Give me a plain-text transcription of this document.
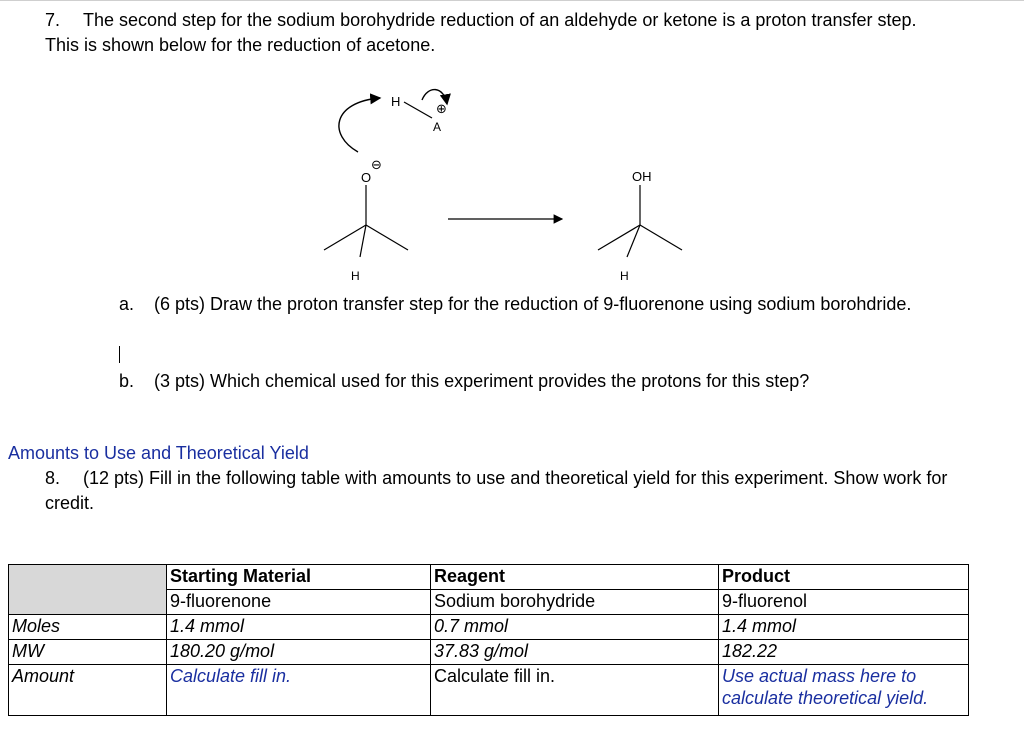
7. The second step for the sodium borohydride reduction of an aldehyde or ketone is a proton transfer step. This is shown below for the reduction of acetone.
H
A
⊕
O
⊖
H
OH
H
a. (6 pts) Draw the proton transfer step for the reduction of 9-fluorenone using sodium borohdride.
b. (3 pts) Which chemical used for this experiment provides the protons for this step?
Amounts to Use and Theoretical Yield
8. (12 pts) Fill in the following table with amounts to use and theoretical yield for this experiment. Show work for credit.
	Starting Material	Reagent	Product
	9-fluorenone	Sodium borohydride	9-fluorenol
Moles	1.4 mmol	0.7 mmol	1.4 mmol
MW	180.20 g/mol	37.83 g/mol	182.22
Amount	Calculate fill in.	Calculate fill in.	Use actual mass here to calculate theoretical yield.
